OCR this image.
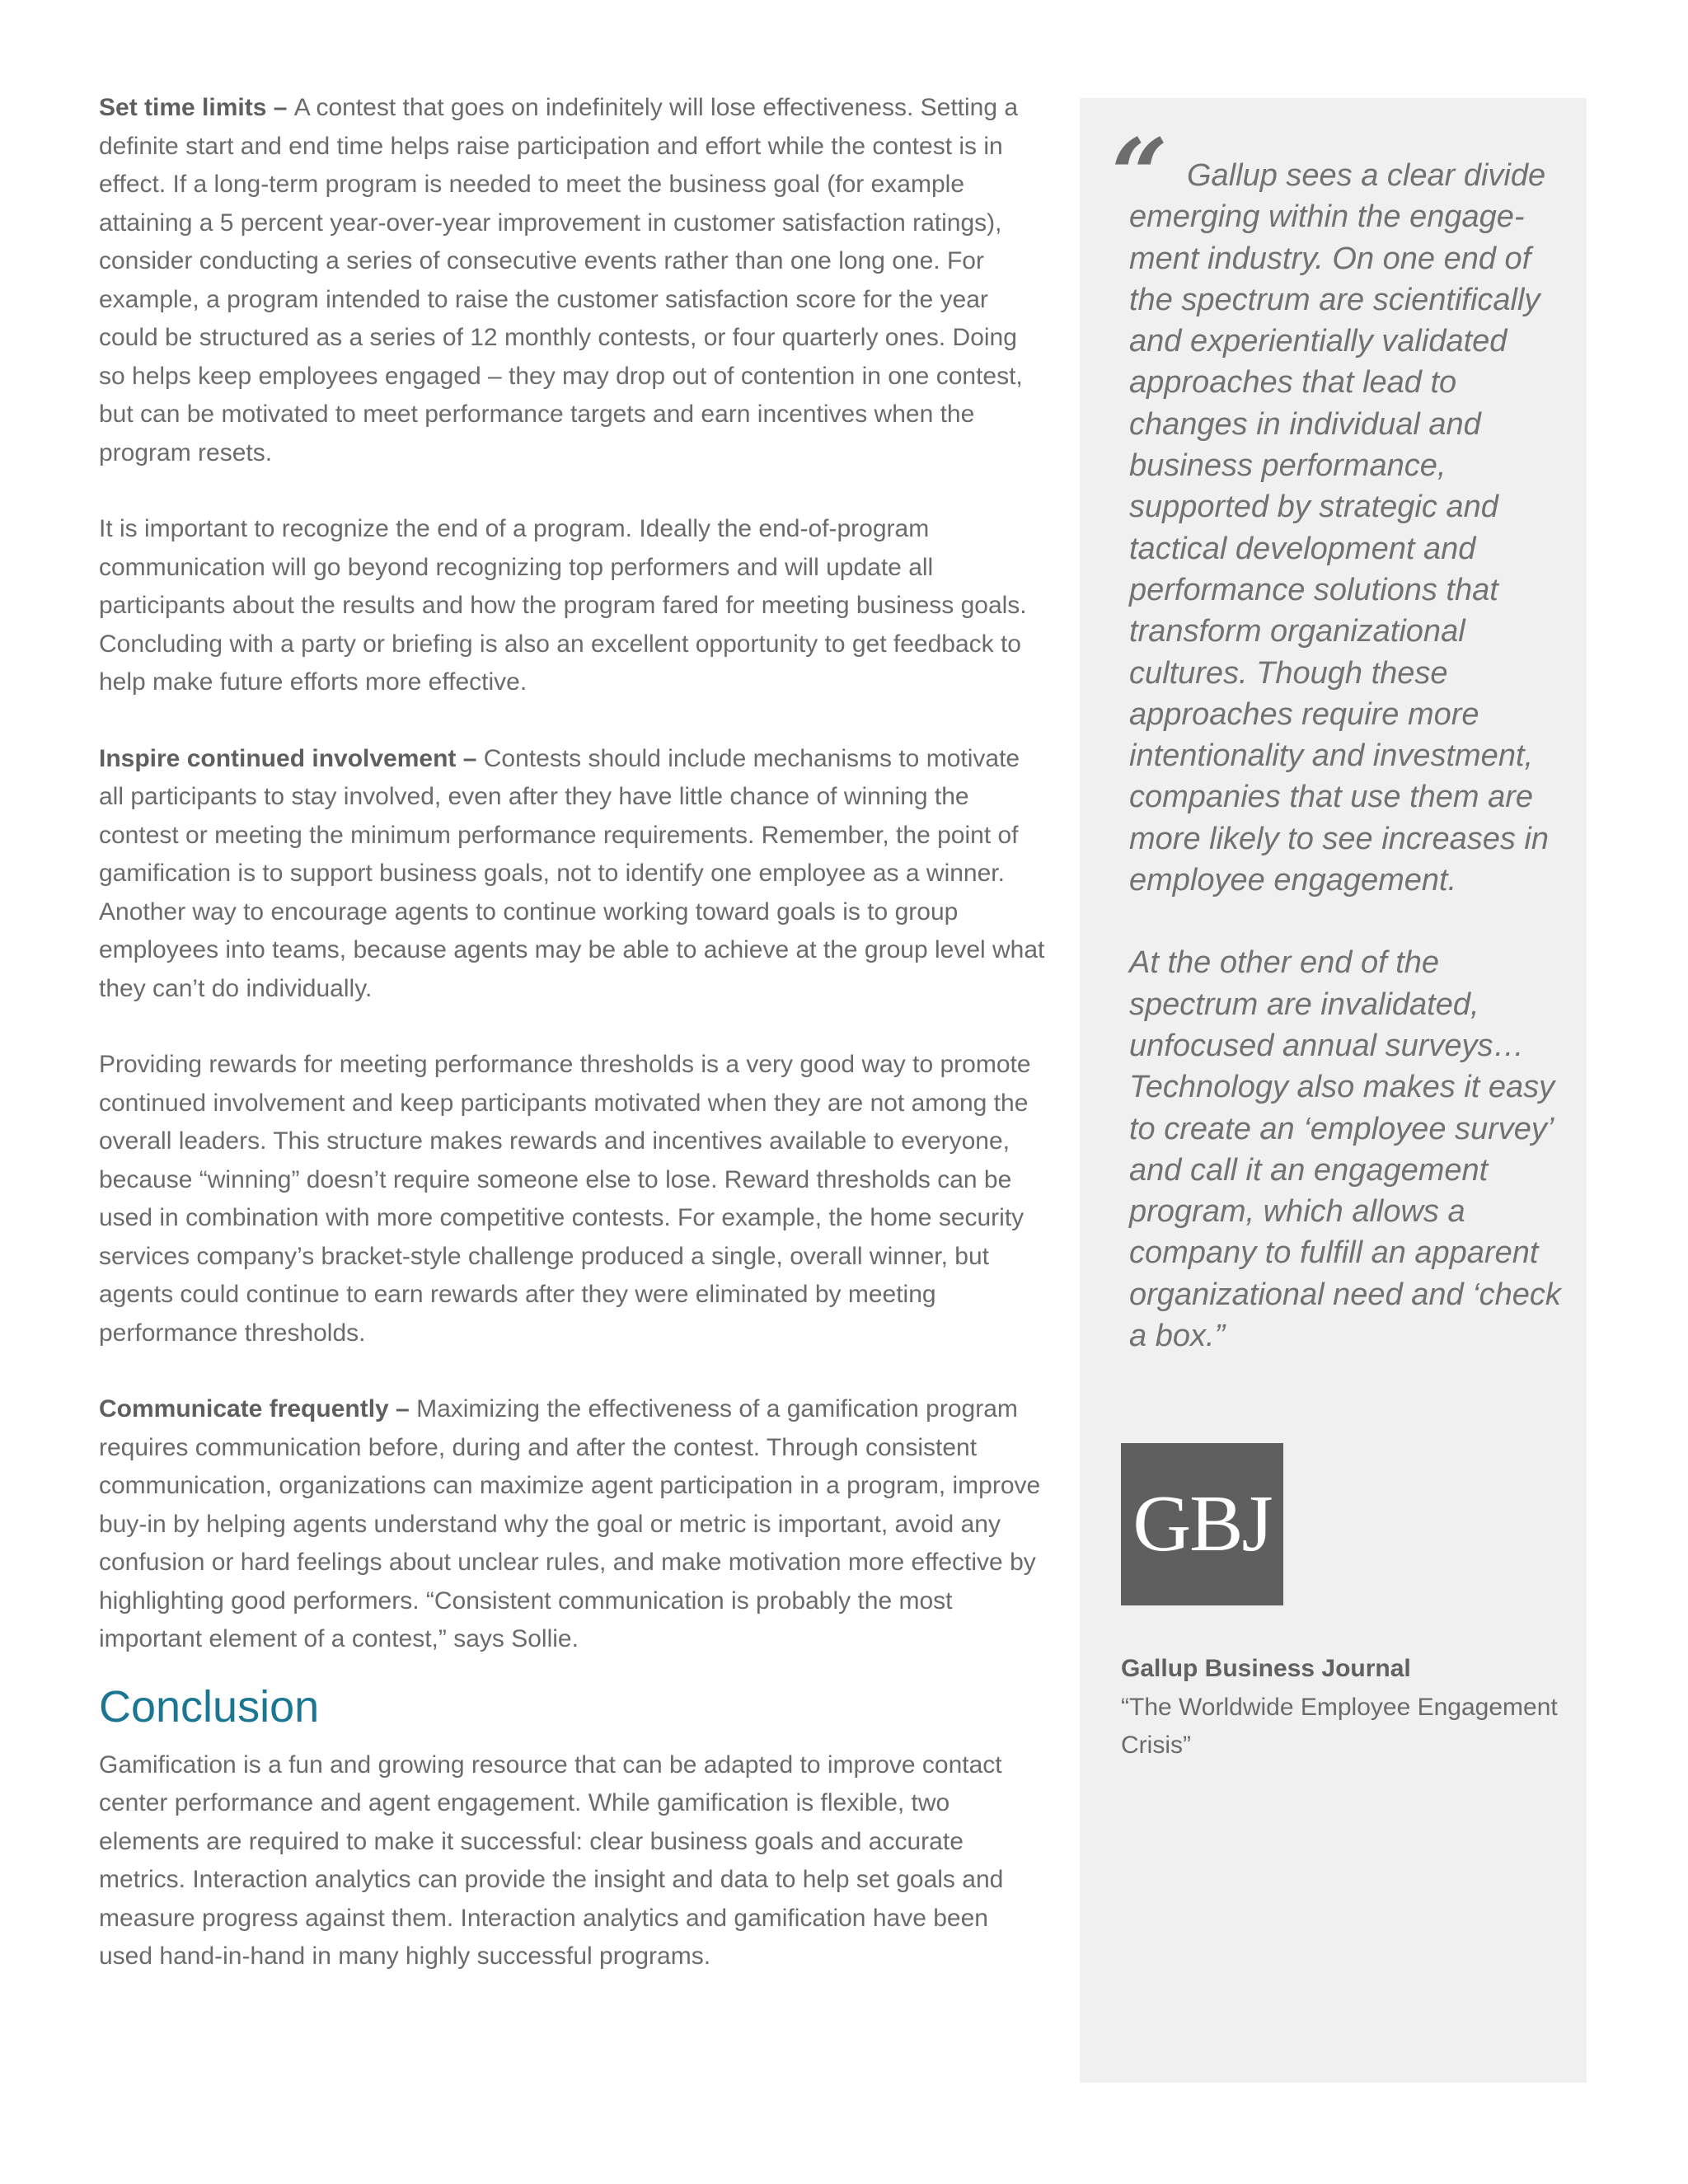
Set time limits – A contest that goes on indefinitely will lose effectiveness. Setting a definite start and end time helps raise participation and effort while the contest is in effect. If a long-term program is needed to meet the business goal (for example attaining a 5 percent year-over-year improvement in customer satisfaction ratings), consider conducting a series of consecutive events rather than one long one. For example, a program intended to raise the customer satisfaction score for the year could be structured as a series of 12 monthly contests, or four quarterly ones. Doing so helps keep employees engaged – they may drop out of contention in one contest, but can be motivated to meet performance targets and earn incentives when the program resets.

It is important to recognize the end of a program. Ideally the end-of-program communication will go beyond recognizing top performers and will update all participants about the results and how the program fared for meeting business goals. Concluding with a party or briefing is also an excellent opportunity to get feedback to help make future efforts more effective.

Inspire continued involvement – Contests should include mechanisms to motivate all participants to stay involved, even after they have little chance of winning the contest or meeting the minimum performance requirements. Remember, the point of gamification is to support business goals, not to identify one employee as a winner. Another way to encourage agents to continue working toward goals is to group employees into teams, because agents may be able to achieve at the group level what they can’t do individually.

Providing rewards for meeting performance thresholds is a very good way to promote continued involvement and keep participants motivated when they are not among the overall leaders. This structure makes rewards and incentives available to everyone, because “winning” doesn’t require someone else to lose. Reward thresholds can be used in combination with more competitive contests. For example, the home security services company’s bracket-style challenge produced a single, overall winner, but agents could continue to earn rewards after they were eliminated by meeting performance thresholds.

Communicate frequently – Maximizing the effectiveness of a gamification program requires communication before, during and after the contest. Through consistent communication, organizations can maximize agent participation in a program, improve buy-in by helping agents understand why the goal or metric is important, avoid any confusion or hard feelings about unclear rules, and make motivation more effective by highlighting good performers. “Consistent communication is probably the most important element of a contest,” says Sollie.

Conclusion

Gamification is a fun and growing resource that can be adapted to improve contact center performance and agent engagement. While gamification is flexible, two elements are required to make it successful: clear business goals and accurate metrics. Interaction analytics can provide the insight and data to help set goals and measure progress against them. Interaction analytics and gamification have been used hand-in-hand in many highly successful programs.

“ Gallup sees a clear divide emerging within the engage-ment industry. On one end of the spectrum are scientifically and experientially validated approaches that lead to changes in individual and business performance, supported by strategic and tactical development and performance solutions that transform organizational cultures. Though these approaches require more intentionality and investment, companies that use them are more likely to see increases in employee engagement.

At the other end of the spectrum are invalidated, unfocused annual surveys… Technology also makes it easy to create an ‘employee survey’ and call it an engagement program, which allows a company to fulfill an apparent organizational need and ‘check a box.”

GBJ
Gallup Business Journal
“The Worldwide Employee Engagement Crisis”
